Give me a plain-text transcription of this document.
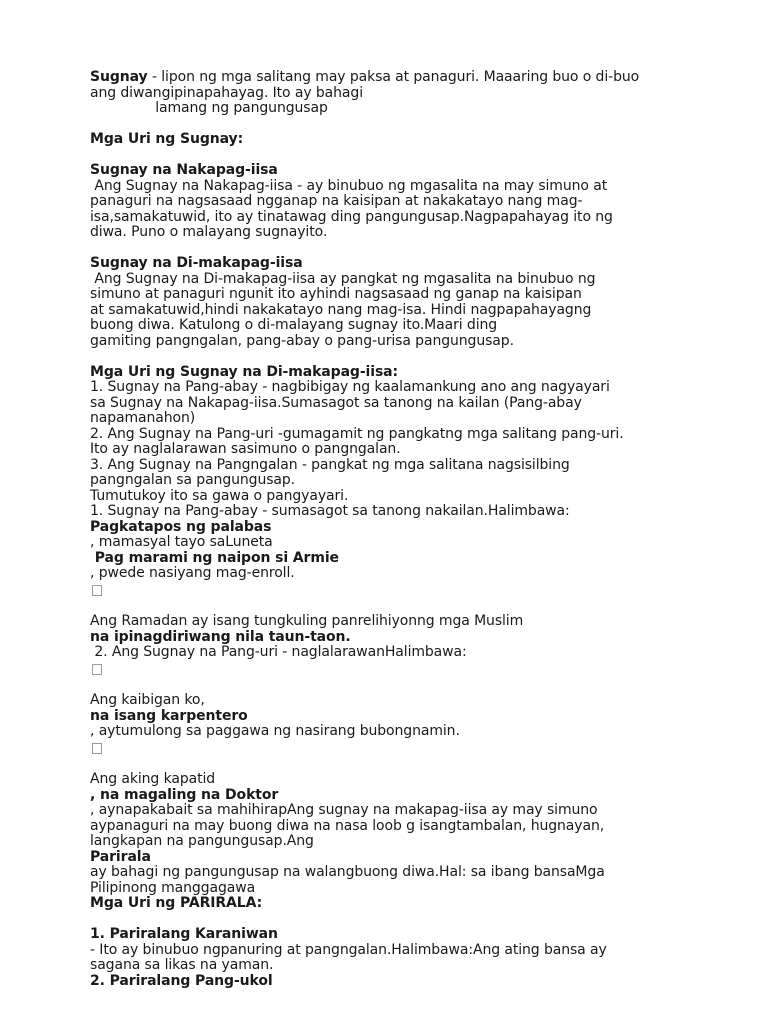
Sugnay - lipon ng mga salitang may paksa at panaguri. Maaaring buo o di-buo
ang diwangipinapahayag. Ito ay bahagi
lamang ng pangungusap
Mga Uri ng Sugnay:
Sugnay na Nakapag-iisa
Ang Sugnay na Nakapag-iisa - ay binubuo ng mgasalita na may simuno at
panaguri na nagsasaad ngganap na kaisipan at nakakatayo nang mag-
isa,samakatuwid, ito ay tinatawag ding pangungusap.Nagpapahayag ito ng
diwa. Puno o malayang sugnayito.
Sugnay na Di-makapag-iisa
Ang Sugnay na Di-makapag-iisa ay pangkat ng mgasalita na binubuo ng
simuno at panaguri ngunit ito ayhindi nagsasaad ng ganap na kaisipan
at samakatuwid,hindi nakakatayo nang mag-isa. Hindi nagpapahayagng
buong diwa. Katulong o di-malayang sugnay ito.Maari ding
gamiting pangngalan, pang-abay o pang-urisa pangungusap.
Mga Uri ng Sugnay na Di-makapag-iisa:
1. Sugnay na Pang-abay - nagbibigay ng kaalamankung ano ang nagyayari
sa Sugnay na Nakapag-iisa.Sumasagot sa tanong na kailan (Pang-abay
napamanahon)
2. Ang Sugnay na Pang-uri -gumagamit ng pangkatng mga salitang pang-uri.
Ito ay naglalarawan sasimuno o pangngalan.
3. Ang Sugnay na Pangngalan - pangkat ng mga salitana nagsisilbing
pangngalan sa pangungusap.
Tumutukoy ito sa gawa o pangyayari.
1. Sugnay na Pang-abay - sumasagot sa tanong nakailan.Halimbawa:
Pagkatapos ng palabas
, mamasyal tayo saLuneta
Pag marami ng naipon si Armie
, pwede nasiyang mag-enroll.
Ang Ramadan ay isang tungkuling panrelihiyonng mga Muslim
na ipinagdiriwang nila taun-taon.
2. Ang Sugnay na Pang-uri - naglalarawanHalimbawa:
Ang kaibigan ko,
na isang karpentero
, aytumulong sa paggawa ng nasirang bubongnamin.
Ang aking kapatid
, na magaling na Doktor
, aynapakabait sa mahihirapAng sugnay na makapag-iisa ay may simuno
aypanaguri na may buong diwa na nasa loob g isangtambalan, hugnayan,
langkapan na pangungusap.Ang
Parirala
ay bahagi ng pangungusap na walangbuong diwa.Hal: sa ibang bansaMga
Pilipinong manggagawa
Mga Uri ng PARIRALA:
1. Pariralang Karaniwan
- Ito ay binubuo ngpanuring at pangngalan.Halimbawa:Ang ating bansa ay
sagana sa likas na yaman.
2. Pariralang Pang-ukol
